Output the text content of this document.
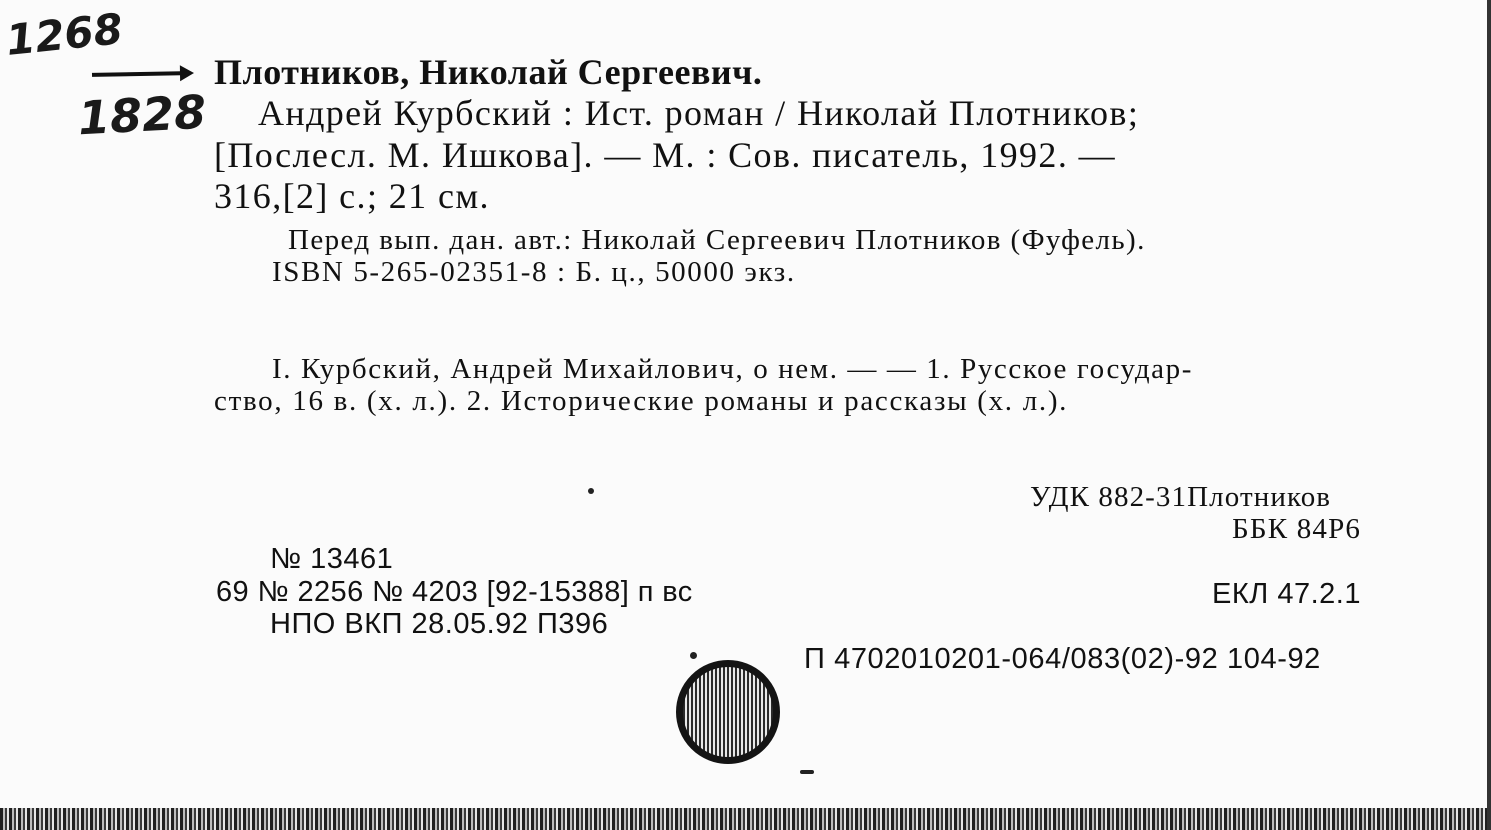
1268
1828
Плотников, Николай Сергеевич.
Андрей Курбский : Ист. роман / Николай Плотников;
[Послесл. М. Ишкова]. — М. : Сов. писатель, 1992. —
316,[2] с.; 21 см.
Перед вып. дан. авт.: Николай Сергеевич Плотников (Фуфель).
ISBN 5-265-02351-8 : Б. ц., 50000 экз.
I. Курбский, Андрей Михайлович, о нем. — — 1. Русское государ-
ство, 16 в. (х. л.). 2. Исторические романы и рассказы (х. л.).
УДК 882-31Плотников
ББК 84Р6
№ 13461
69 № 2256 № 4203 [92-15388] п вс
НПО ВКП 28.05.92 П396
ЕКЛ 47.2.1
П 4702010201-064/083(02)-92 104-92
